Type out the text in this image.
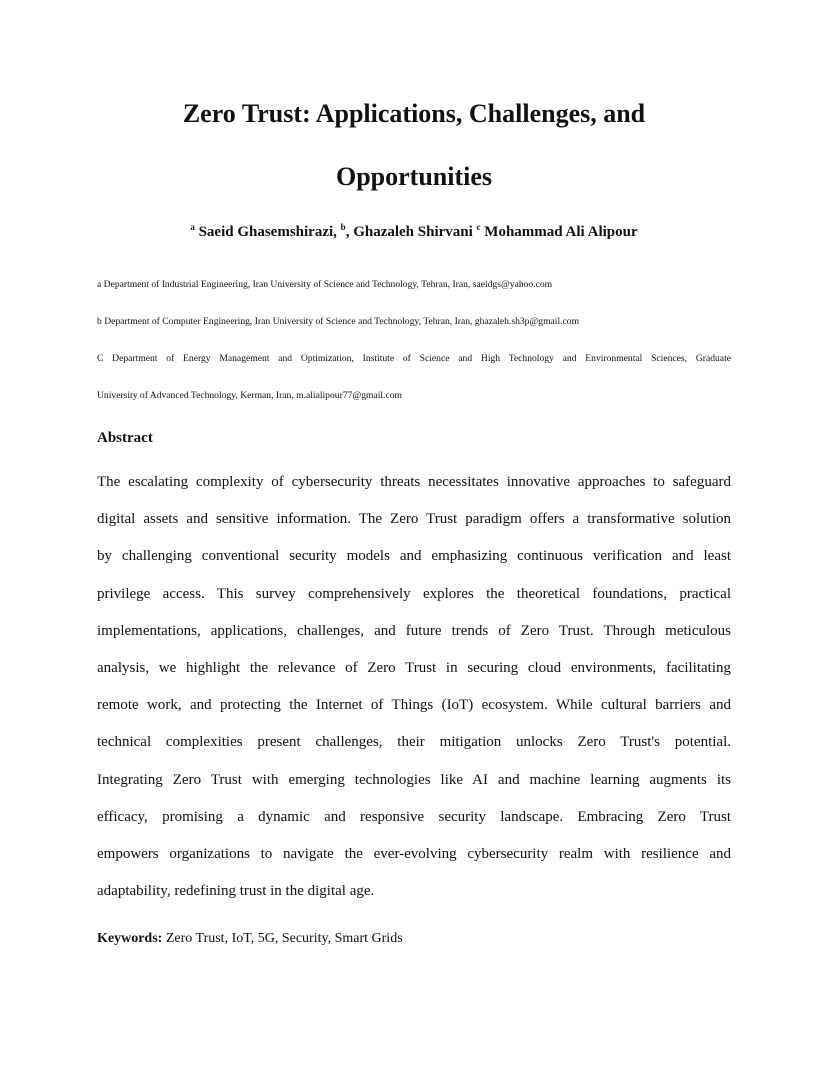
Zero Trust: Applications, Challenges, and
Opportunities
$^a$ Saeid Ghasemshirazi, $^b$, Ghazaleh Shirvani $^c$ Mohammad Ali Alipour
a Department of Industrial Engineering, Iran University of Science and Technology, Tehran, Iran, saeidgs@yahoo.com
b Department of Computer Engineering, Iran University of Science and Technology, Tehran, Iran, ghazaleh.sh3p@gmail.com
C Department of Energy Management and Optimization, Institute of Science and High Technology and Environmental Sciences, Graduate
University of Advanced Technology, Kerman, Iran, m.alialipour77@gmail.com
Abstract
The escalating complexity of cybersecurity threats necessitates innovative approaches to safeguard
digital assets and sensitive information. The Zero Trust paradigm offers a transformative solution
by challenging conventional security models and emphasizing continuous verification and least
privilege access. This survey comprehensively explores the theoretical foundations, practical
implementations, applications, challenges, and future trends of Zero Trust. Through meticulous
analysis, we highlight the relevance of Zero Trust in securing cloud environments, facilitating
remote work, and protecting the Internet of Things (IoT) ecosystem. While cultural barriers and
technical complexities present challenges, their mitigation unlocks Zero Trust's potential.
Integrating Zero Trust with emerging technologies like AI and machine learning augments its
efficacy, promising a dynamic and responsive security landscape. Embracing Zero Trust
empowers organizations to navigate the ever-evolving cybersecurity realm with resilience and
adaptability, redefining trust in the digital age.
Keywords: Zero Trust, IoT, 5G, Security, Smart Grids
